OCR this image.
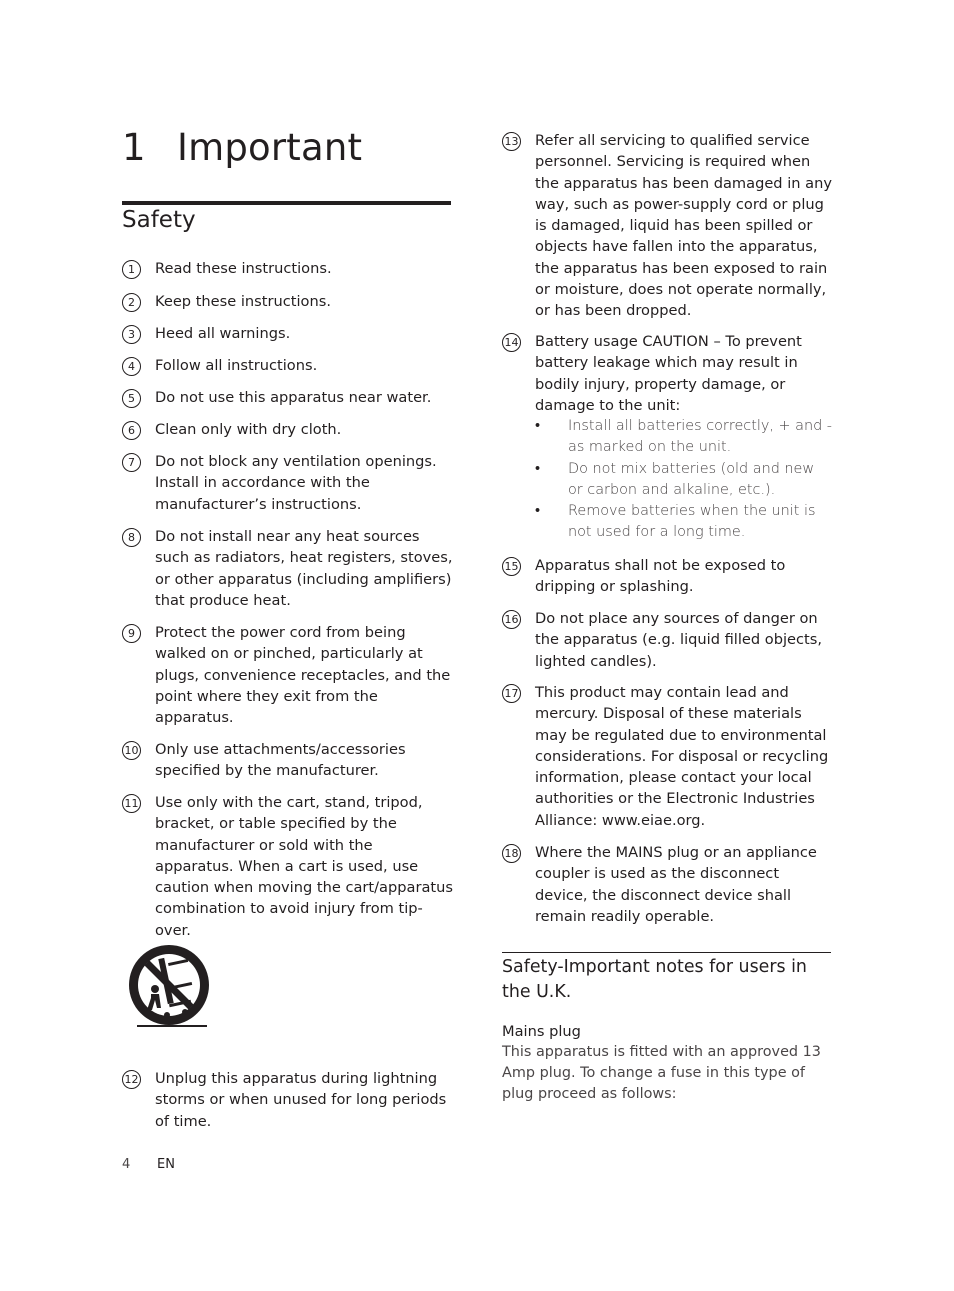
1 Important
Safety
1	Read these instructions.
2	Keep these instructions.
3	Heed all warnings.
4	Follow all instructions.
5	Do not use this apparatus near water.
6	Clean only with dry cloth.
7	Do not block any ventilation openings. Install in accordance with the manufacturer’s instructions.
8	Do not install near any heat sources such as radiators, heat registers, stoves, or other apparatus (including amplifiers) that produce heat.
9	Protect the power cord from being walked on or pinched, particularly at plugs, convenience receptacles, and the point where they exit from the apparatus.
10 Only use attachments/accessories specified by the manufacturer.
11 Use only with the cart, stand, tripod, bracket, or table specified by the manufacturer or sold with the apparatus. When a cart is used, use caution when moving the cart/apparatus combination to avoid injury from tip-over.
12 Unplug this apparatus during lightning storms or when unused for long periods of time.
13 Refer all servicing to qualified service personnel. Servicing is required when the apparatus has been damaged in any way, such as power-supply cord or plug is damaged, liquid has been spilled or objects have fallen into the apparatus, the apparatus has been exposed to rain or moisture, does not operate normally, or has been dropped.
14 Battery usage CAUTION – To prevent battery leakage which may result in bodily injury, property damage, or damage to the unit:
• Install all batteries correctly, + and - as marked on the unit.
• Do not mix batteries (old and new or carbon and alkaline, etc.).
• Remove batteries when the unit is not used for a long time.
15 Apparatus shall not be exposed to dripping or splashing.
16 Do not place any sources of danger on the apparatus (e.g. liquid filled objects, lighted candles).
17 This product may contain lead and mercury. Disposal of these materials may be regulated due to environmental considerations. For disposal or recycling information, please contact your local authorities or the Electronic Industries Alliance: www.eiae.org.
18 Where the MAINS plug or an appliance coupler is used as the disconnect device, the disconnect device shall remain readily operable.
Safety-Important notes for users in the U.K.
Mains plug
This apparatus is fitted with an approved 13 Amp plug. To change a fuse in this type of plug proceed as follows:
4 EN
